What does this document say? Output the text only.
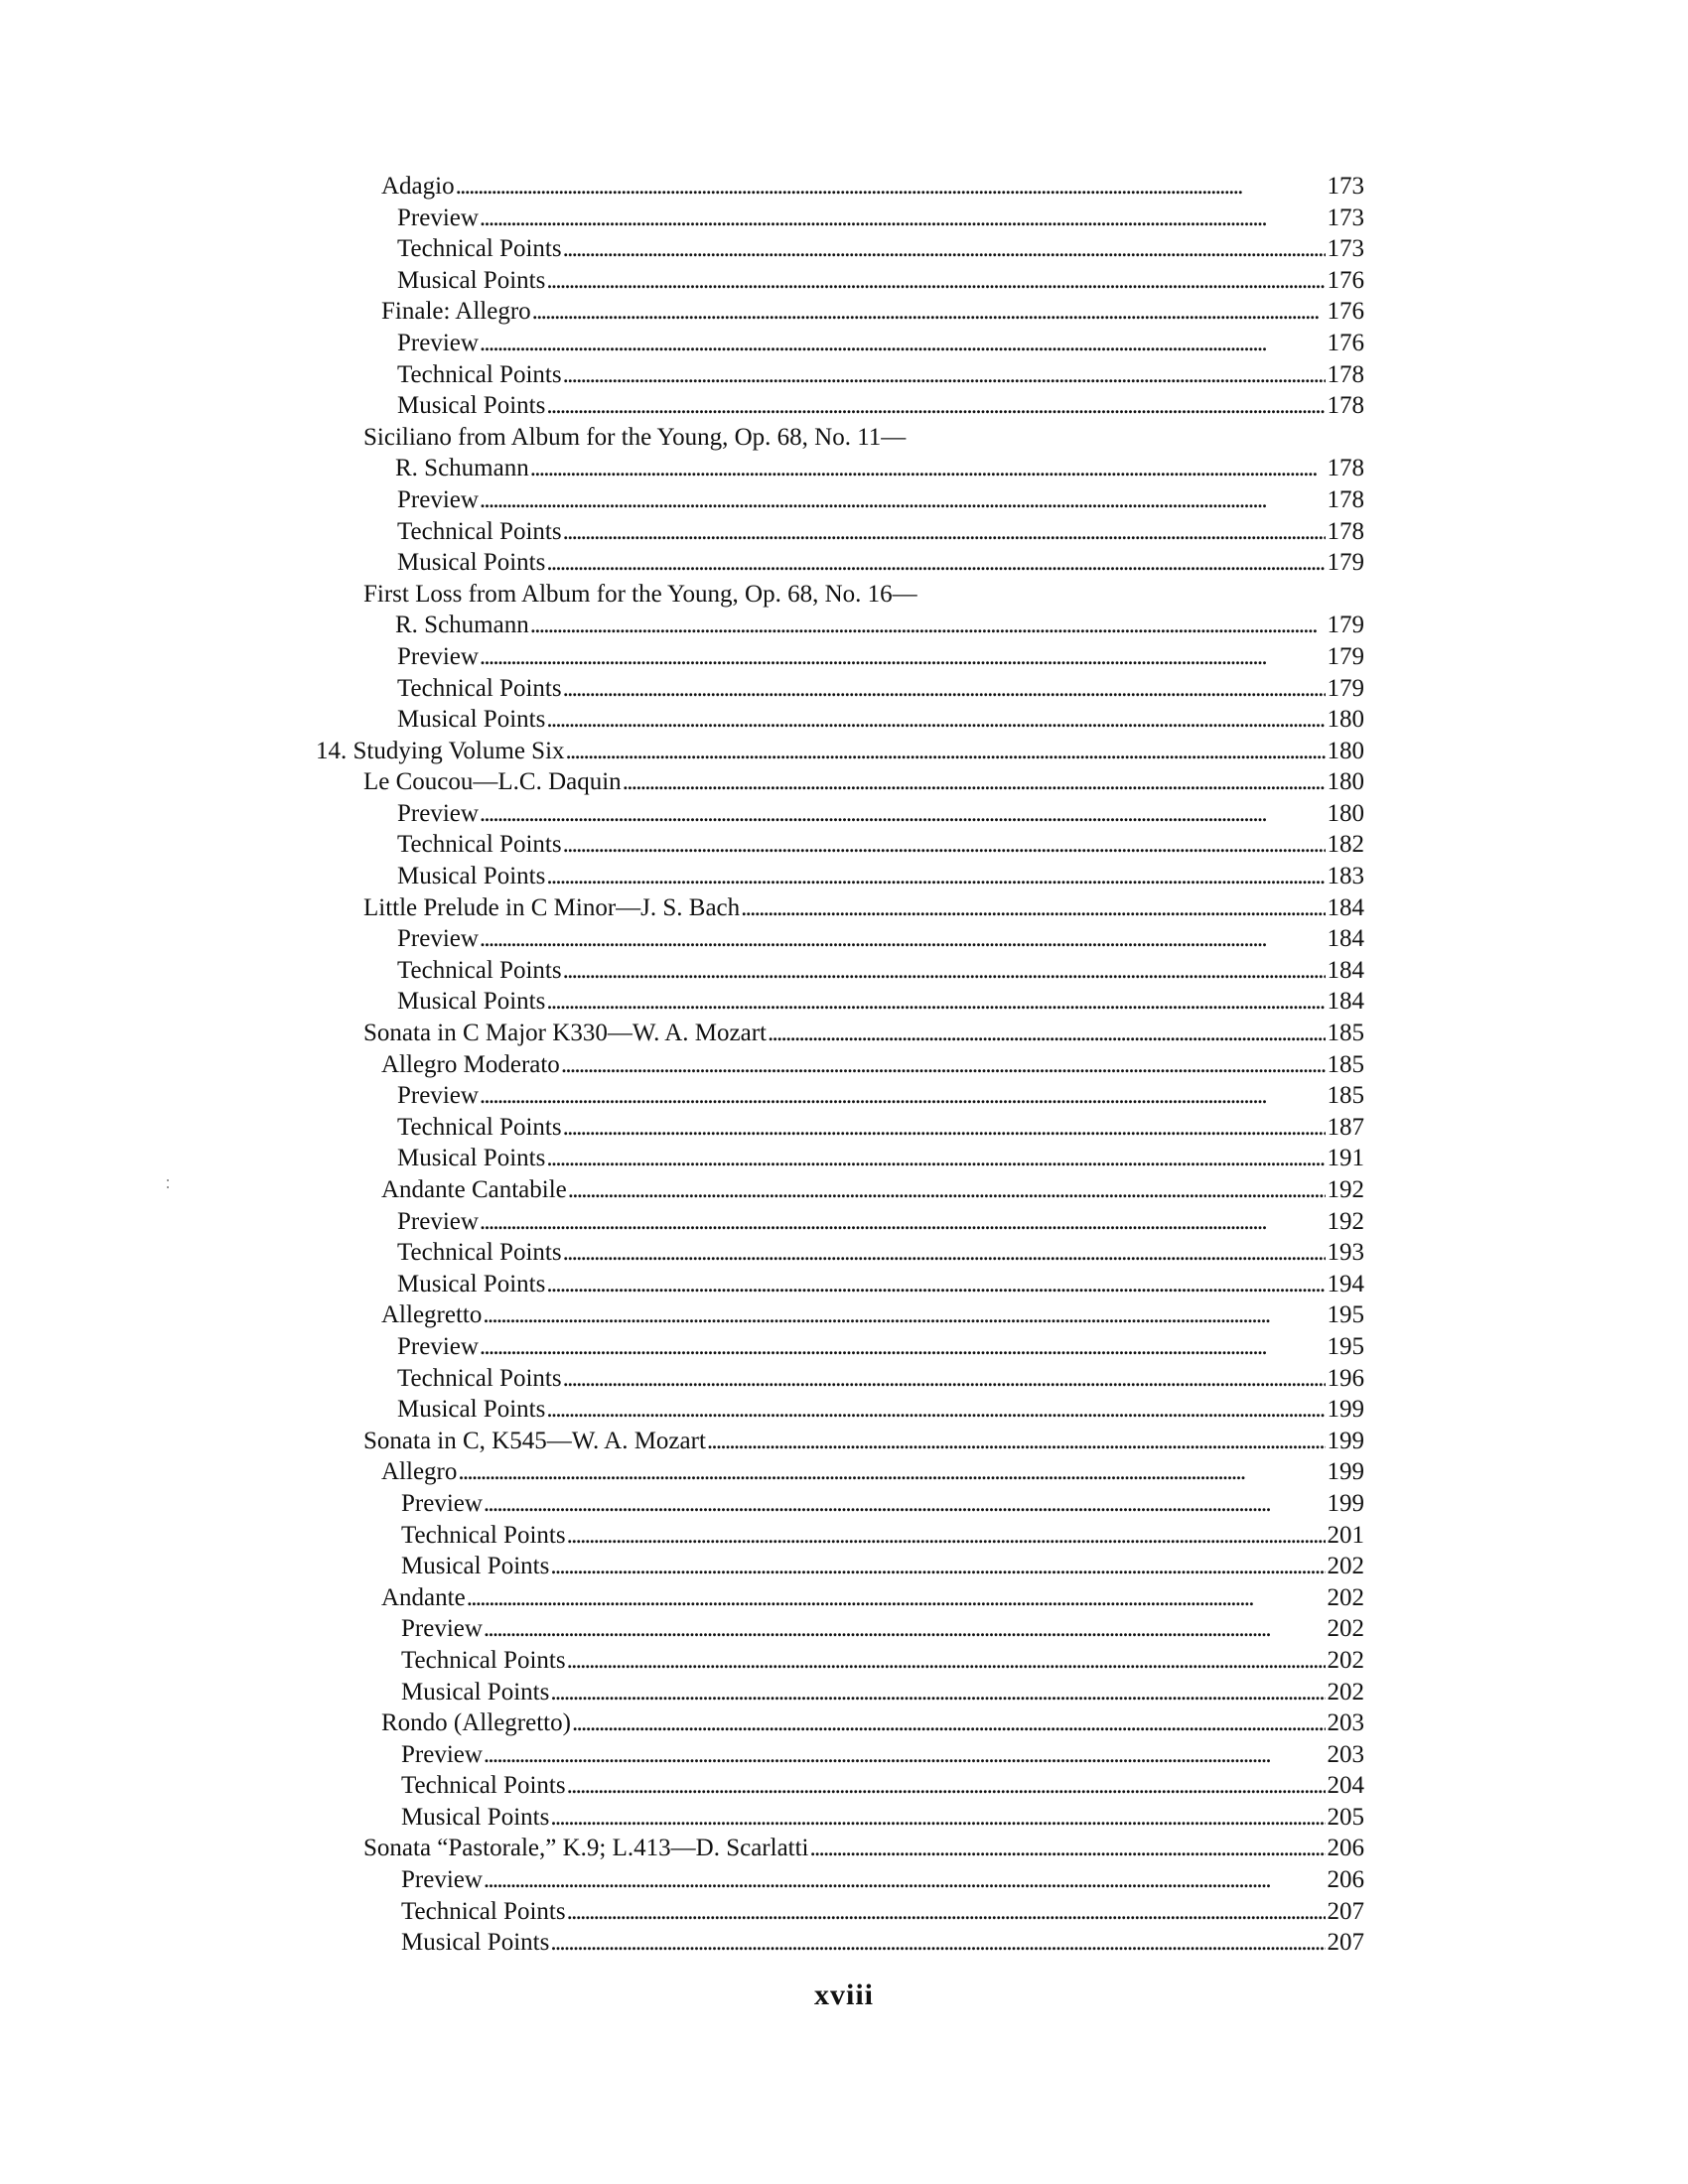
Adagio . . .	173
Preview . . .	173
Technical Points . . .	173
Musical Points . . .	176
Finale: Allegro . . .	176
Preview . . .	176
Technical Points . . .	178
Musical Points . . .	178
Siciliano from Album for the Young, Op. 68, No. 11—
R. Schumann . . .	178
Preview . . .	178
Technical Points . . .	178
Musical Points . . .	179
First Loss from Album for the Young, Op. 68, No. 16—
R. Schumann . . .	179
Preview . . .	179
Technical Points . . .	179
Musical Points . . .	180
14. Studying Volume Six . . .	180
Le Coucou—L.C. Daquin . . .	180
Preview . . .	180
Technical Points . . .	182
Musical Points . . .	183
Little Prelude in C Minor—J. S. Bach . . .	184
Preview . . .	184
Technical Points . . .	184
Musical Points . . .	184
Sonata in C Major K330—W. A. Mozart . . .	185
Allegro Moderato . . .	185
Preview . . .	185
Technical Points . . .	187
Musical Points . . .	191
Andante Cantabile . . .	192
Preview . . .	192
Technical Points . . .	193
Musical Points . . .	194
Allegretto . . .	195
Preview . . .	195
Technical Points . . .	196
Musical Points . . .	199
Sonata in C, K545—W. A. Mozart . . .	199
Allegro . . .	199
Preview . . .	199
Technical Points . . .	201
Musical Points . . .	202
Andante . . .	202
Preview . . .	202
Technical Points . . .	202
Musical Points . . .	202
Rondo (Allegretto) . . .	203
Preview . . .	203
Technical Points . . .	204
Musical Points . . .	205
Sonata “Pastorale,” K.9; L.413—D. Scarlatti . . .	206
Preview . . .	206
Technical Points . . .	207
Musical Points . . .	207
xviii
